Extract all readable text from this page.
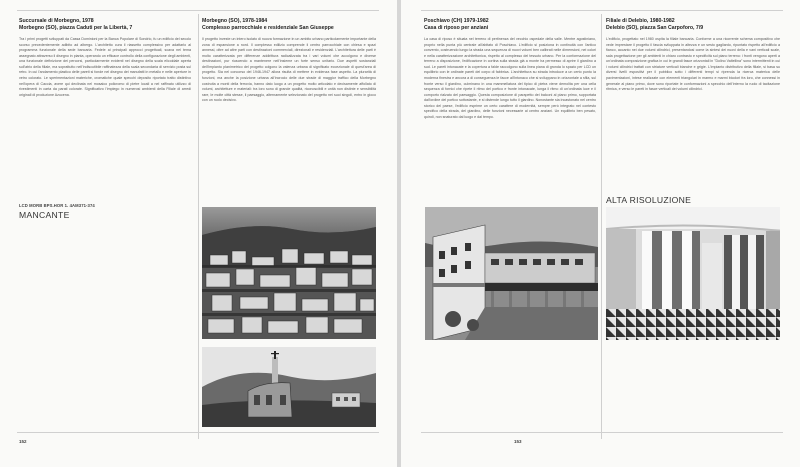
Succursale di Morbegno, 1978
Morbegno (SO), piazza Caduti per la Libertà, 7
Tra i primi progetti sviluppati da Cassa Dominioni per la Banca Popolare di Sondrio, fu un edificio del secolo scorso precedentemente adibito ad albergo. L'architetto cura il riassetto complessivo per adattarlo al programma funzionale della sede bancaria. Fedele ai principali approcci progettuali, scava nel tema assegnato attraverso il disegno in pianta, operando un efficace controllo della configurazione degli ambienti, una funzionale definizione dei percorsi, particolarmente evidenti nel disegno della scala elicoidale aperta sull'atrio della filiale, ma soprattutto nell'indiscutibile raffinatezza della scala secondaria di servizio posta sul retro. In cui l'andamento plastico delle pareti si fonde nel disegno dei manufatti in metallo e nelle aperture in vetro colorato. Le sperimentazioni materiche, cromatiche quale specchi deposito riportato tratto distintivo nell'opera di Caccia, avere qui declinata nel mosaico policromo di pietre locali a nel raffinato utilizzo di rivestimenti in carta da parati colorate. Significativo l'impiego in numerosi ambienti della Filiale di arredi originali di produzione Azucena.
LCD MORB BPS.HOR 1. 4AM371-374
MANCANTE
Morbegno (SO), 1978-1984
Complesso parrocchiale e residenziale San Giuseppe
Il progetto investe un intero isolato di nuova formazione in un ambito urbano particolarmente importante della zona di espansione a nord. Il complesso edilizio comprende il centro parrocchiale con chiesa e spazi annessi, oltre ad altre parti con destinazioni commerciali, direzionali e residenziali. L'architettura delle parti è molto caratterizzata per differenze addirittura radicalizzata tra i vari volumi che accolgono e diverse destinazioni, pur riuscendo a mantenere nell'insieme un forte senso unitario. Due aspetti sostanziali dell'impianto planimetrico del progetto colgono la valenza urbana di significato eccezionale di quest'area di progetto. Sia nel concorso del 1946-1947 allora risulta di mettere in evidenza fase aspetto. La plurarità di funzioni, ma anche la posizione urbana all'incrocio delle due strade di maggior traffico della Morbegno costruita a monti della ferrovia, hanno dato luogo a un progetto molto articolato e decisamente affollato di volumi, architetture e materiali: tra loro sono di grande qualità, riconoscibili e unità non distinte e sensibilità rare, le molte città stesse, il paesaggio, alternamente selezionato del progetto nei suoi singoli, entro in gioco con un ruolo decisivo.
152
Poschiavo (CH) 1979-1982
Casa di riposo per anziani
La casa di riposo è situata nel terreno di pertinenza del vecchio ospedale della valle. Mentre agostiniano, proprio nella punta più centrale all'abitato di Poschiavo. L'edificio si posiziona in continuità con l'antico convento, costruendo lungo la strada una sequenza di nuovi volumi ben calibrati nelle dimensioni, nei colori e nella caratterizzazione architettonica, rispetto al complesso del tessuto urbano. Per la conformazione del terreno a disposizione, l'edificazione in cortina sulla strada già a monte ha permesso di aprire il giardino a sud. Le pareti intonacate e la copertura a falde raccolgono sulla linea piana di gronda lo spazio per LCD un equilibrio con le ordinate pareti del corpo di fabbrica. L'architettura su strada introduce a un certo punto la moderna finestra e ancora a di conseguenza le facce all'intonaco che si sviluppano in orizzontale a sfila, sul fronte verso il giardino, culminano in una mammellatura del tipico di pietra viene demolita per una cella sequenza di fornici che ripete il ritmo del portico e fronte intonacate, lunga il ritmo di un'ordinata luce e il comporto rialzato del paesaggio. Questa composizione di parapetto dei balconi al piano primo, supportata dall'ordine del portico sottostante, e si distende lungo tutto il giardino. Nonostante sia incastonato nel centro storico del paese, l'edificio esprime un certo carattere di modernità, sempre però integrato nel contesto specifico della strada, del giardino, delle funzioni necessarie al centro anziani. Un equilibrio ben pesato, quindi, non snaturato dal luogo e dal tempo.
Filiale di Delebio, 1980-1982
Delebio (SO), piazza San Carpoforo, 7/9
L'edificio, progettato nel 1980 ospita la filiale bancaria. Conforme a una ricorrente schema compositivo che vede imprestare il progetto il fascia sviluppata in altezza e un sesto gagliardo, ripuntato rispetto all'edificio a fianco, accanto nei due volumi cilindrici, presentandosi come la sintesi dei nuovi della e vani verticali scale, sala progettazione per gli ambienti in chiaro contrasto e specificità sul piano terreno: i fronti vengono aperti a un'ordinata composizione grafica in cui le grandi fasce orizzontali in "Dolino Valtellina" sono intermittenti in cui i volumi cilindrici trattati con striature verticali bianche e grigie. L'impianto distributivo della filiale, si basa su diversi livelli espositivi per il pubblico sotto i differenti tempi si riprenda la ricerca materica delle pavimentazioni, intese realizzate con elementi triangolari in marmo e marmi bicolori fra loro, che connessi in generale al piano primo, dove sono riportate le conformazioni a specchio dell'interno la ruolo di tacitazione ritmica, e verso le pareti in fasce verticali dei volumi cilindrici.
ALTA RISOLUZIONE
153
